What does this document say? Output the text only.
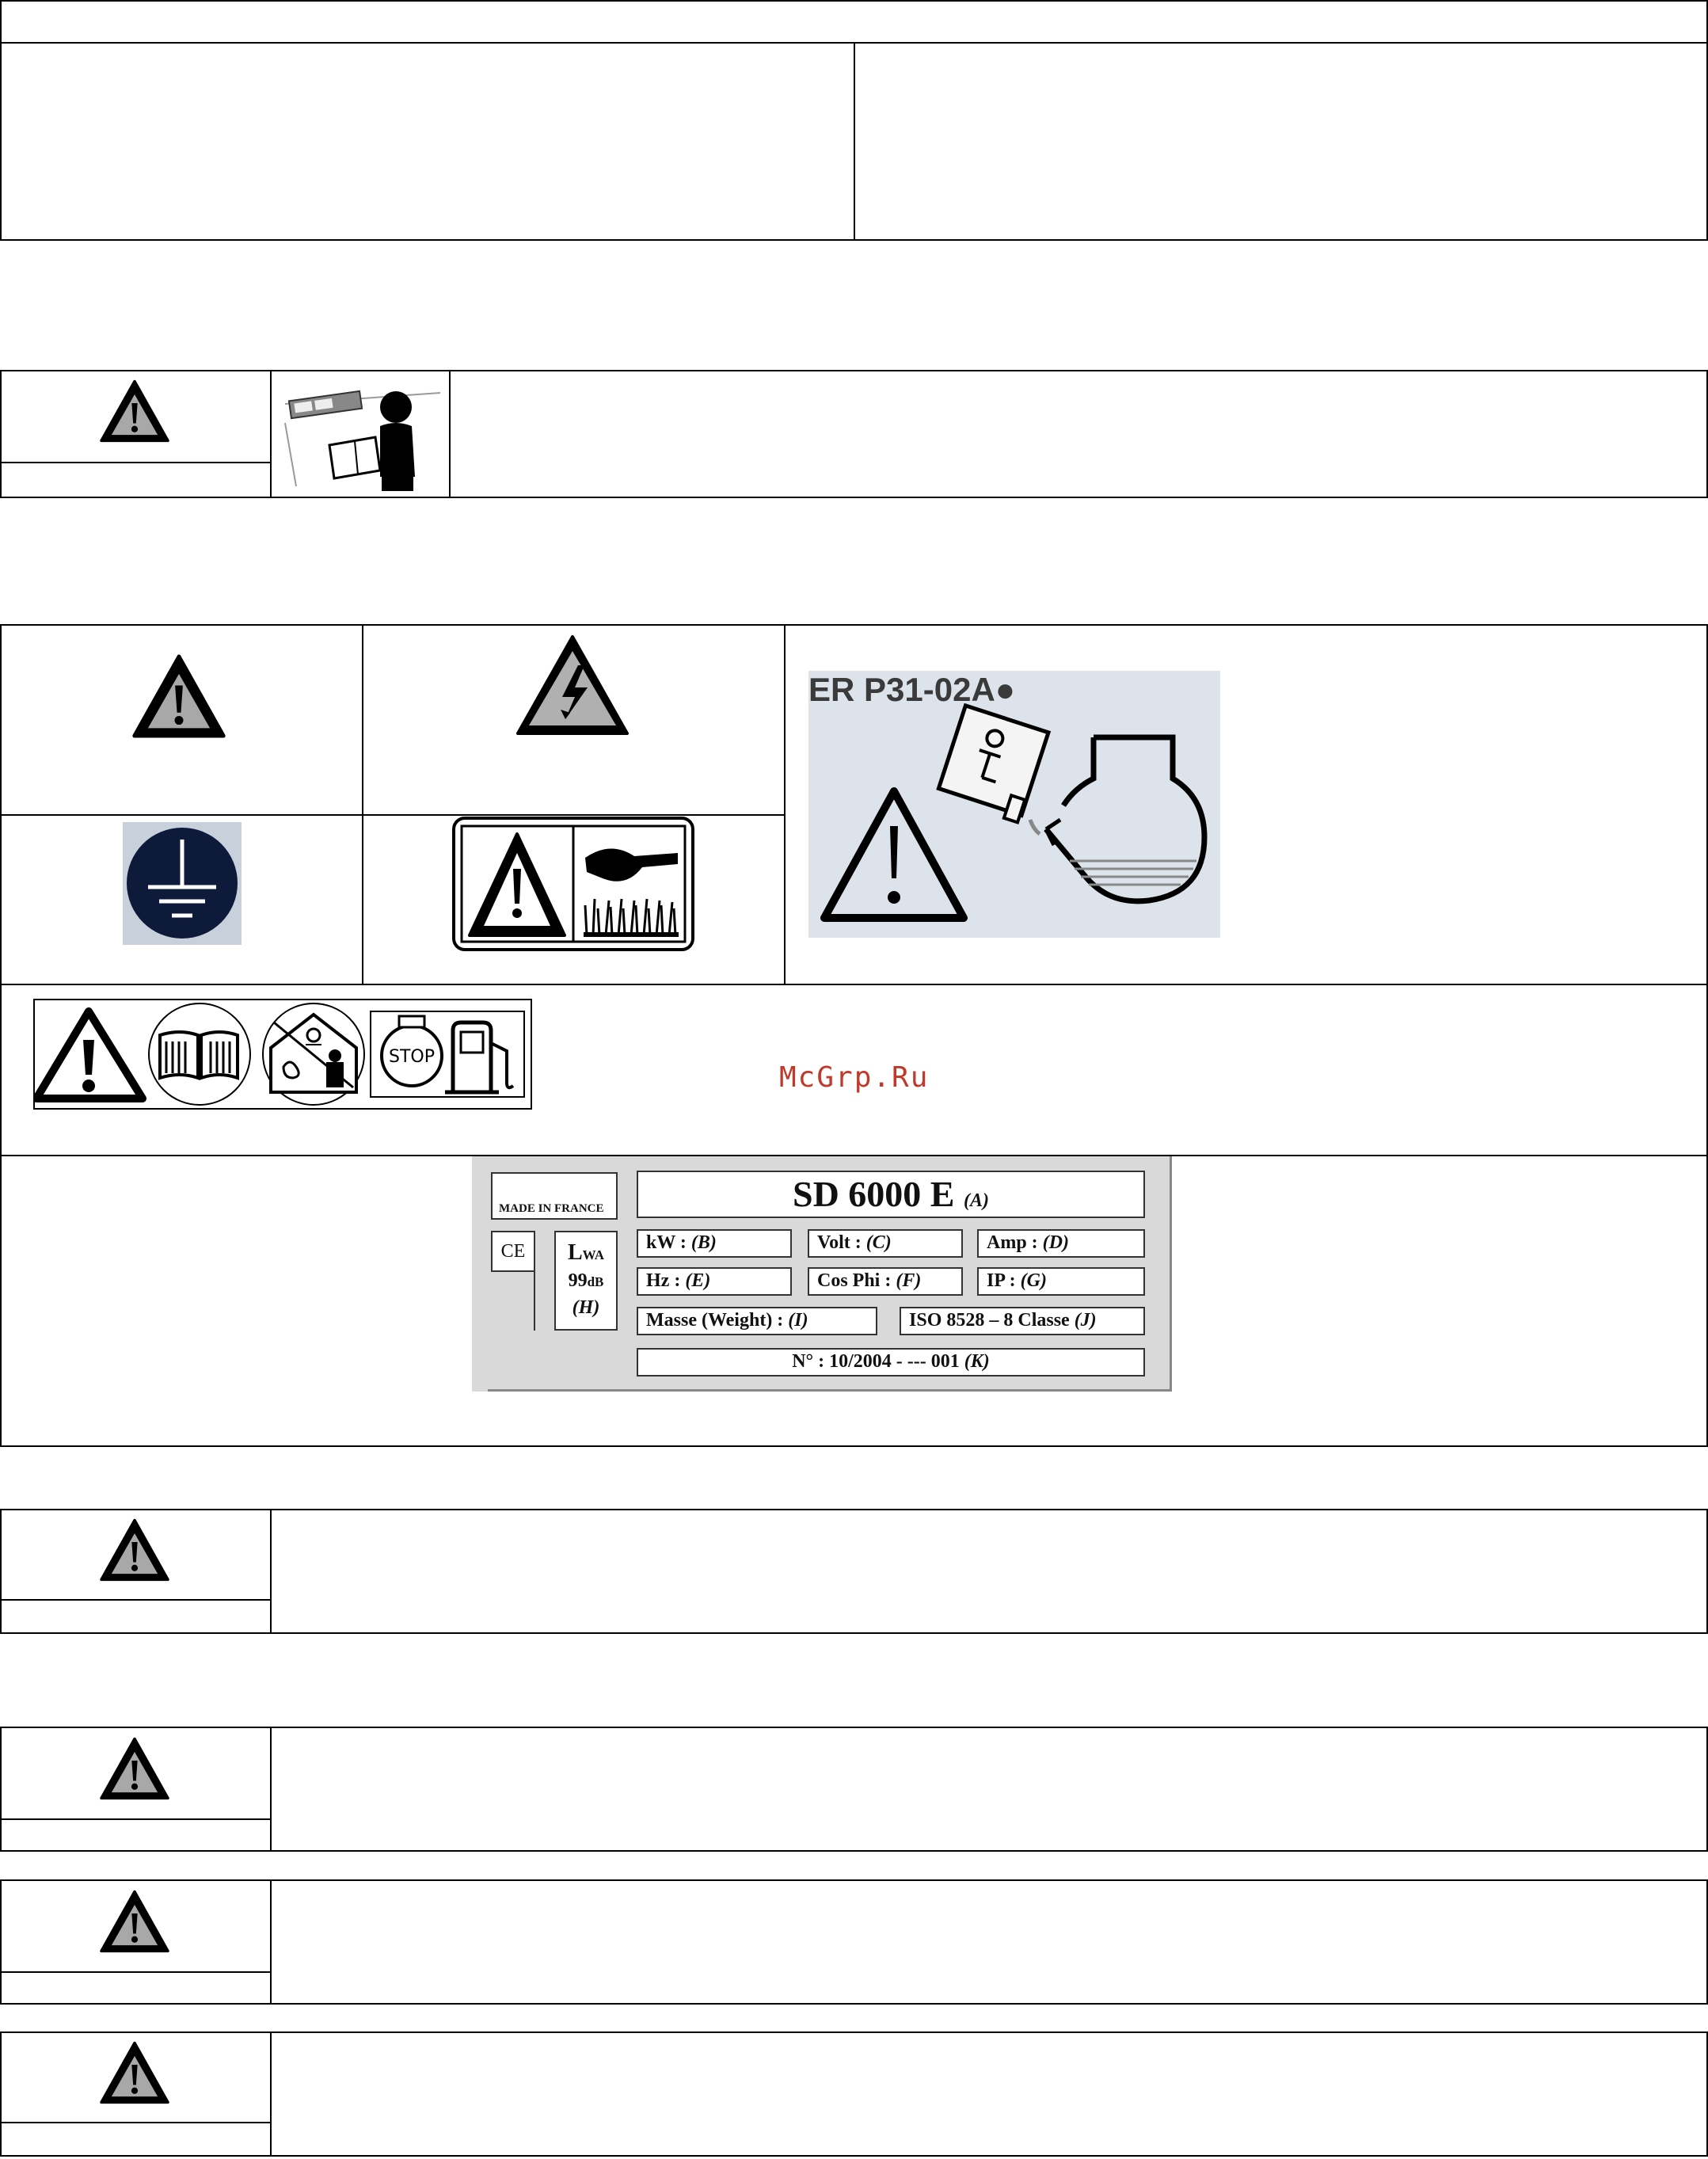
ER P31-02A●
STOP
McGrp.Ru
MADE IN FRANCE
CE	LWA
99dB
(H)
SD 6000 E (A)
kW : (B)	Volt : (C)	Amp : (D)
Hz : (E)	Cos Phi : (F)	IP : (G)
Masse (Weight) : (I)	ISO 8528 – 8 Classe (J)
N° : 10/2004 - --- 001 (K)
